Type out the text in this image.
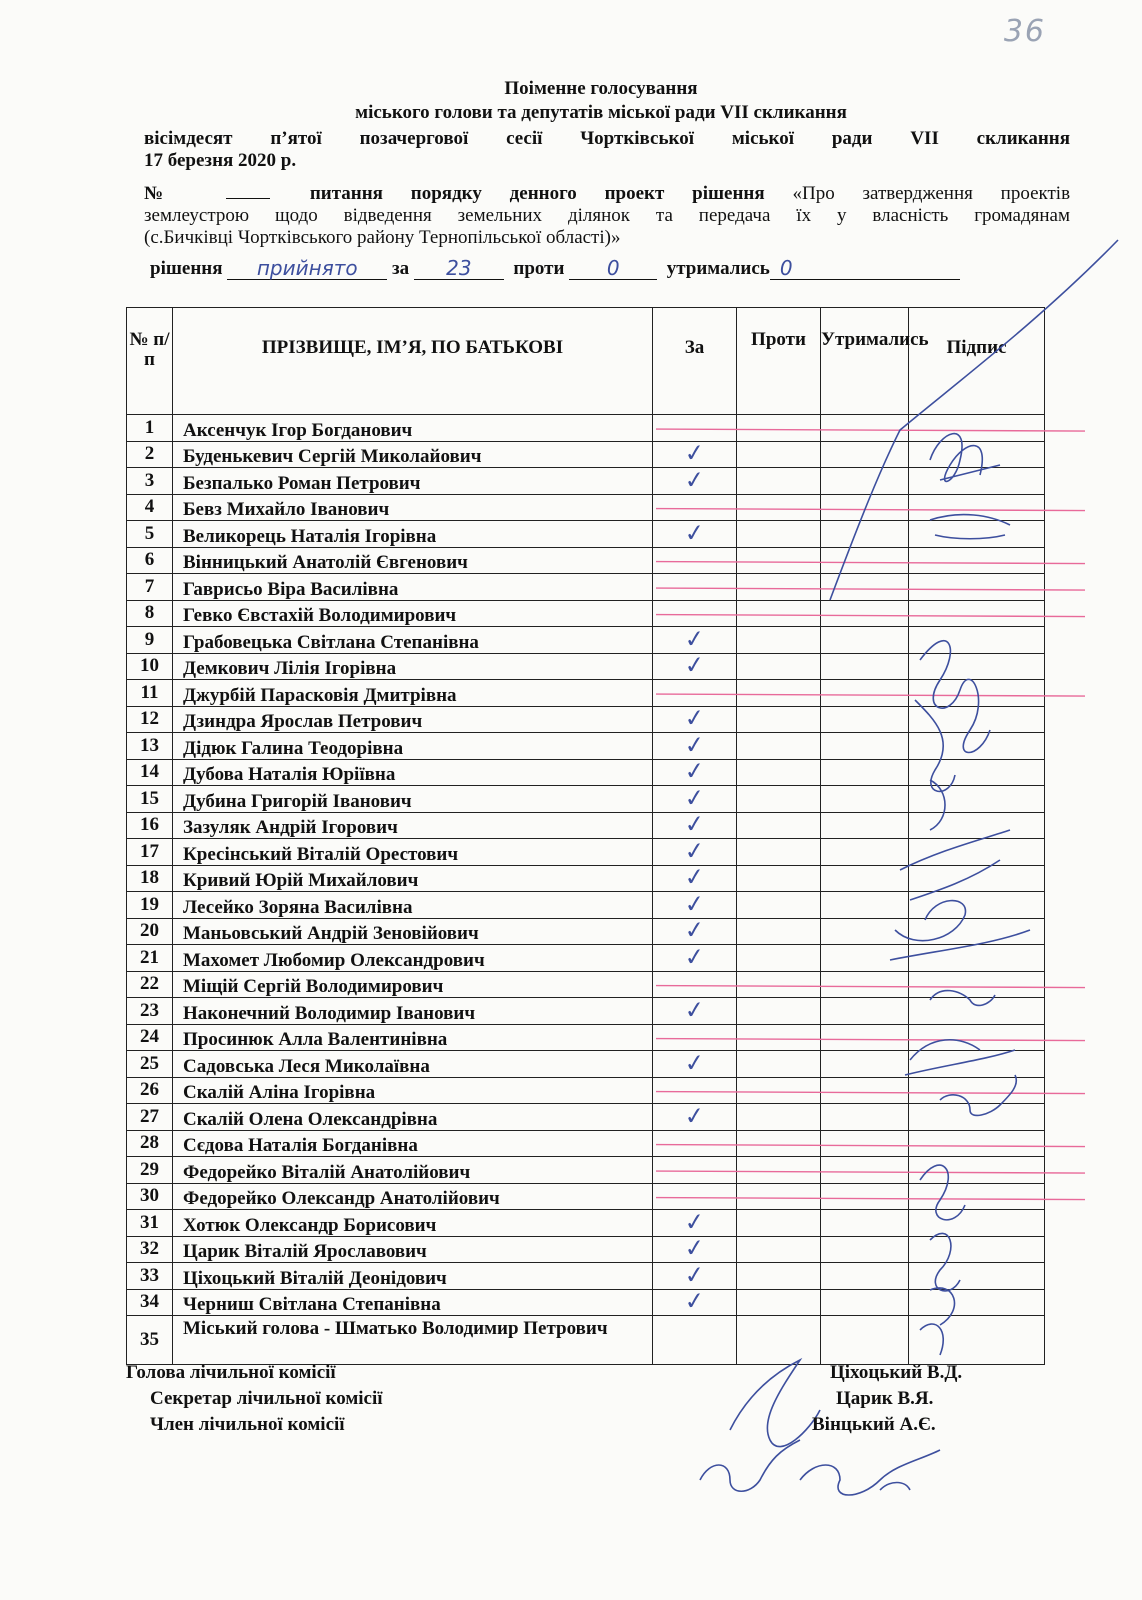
36
Поіменне голосування
міського голови та депутатів міської ради VII скликання
вісімдесят п’ятої позачергової сесії Чортківської міської ради VII скликання
17 березня 2020 р.
№	питання порядку денного проект рішення «Про затвердження проектів
землеустрою щодо відведення земельних ділянок та передача їх у власність громадянам
(с.Бичківці Чортківського району Тернопільської області)»
рішення	прийнято	за	23	проти	0	утримались 0
№ п/п	ПРІЗВИЩЕ, ІМ’Я, ПО БАТЬКОВІ	За	Проти	Утримались	Підпис
1	Аксенчук Ігор Богданович	

2	Буденькевич Сергій Миколайович	✓			

3	Безпалько Роман Петрович	✓			

4	Бевз Михайло Іванович	

5	Великорець Наталія Ігорівна	✓			

6	Вінницький Анатолій Євгенович	

7	Гаврисьо Віра Василівна	

8	Гевко Євстахій Володимирович	

9	Грабовецька Світлана Степанівна	✓			

10	Демкович Лілія Ігорівна	✓			

11	Джурбій Парасковія Дмитрівна	

12	Дзиндра Ярослав Петрович	✓			

13	Дідюк Галина Теодорівна	✓			

14	Дубова Наталія Юріївна	✓			

15	Дубина Григорій Іванович	✓			

16	Зазуляк Андрій Ігорович	✓			

17	Кресінський Віталій Орестович	✓			

18	Кривий Юрій Михайлович	✓			

19	Лесейко Зоряна Василівна	✓			

20	Маньовський Андрій Зеновійович	✓			

21	Махомет Любомир Олександрович	✓			

22	Міщій Сергій Володимирович	

23	Наконечний Володимир Іванович	✓			

24	Просинюк Алла Валентинівна	

25	Садовська Леся Миколаївна	✓			

26	Скалій Аліна Ігорівна	

27	Скалій Олена Олександрівна	✓			

28	Сєдова Наталія Богданівна	

29	Федорейко Віталій Анатолійович	

30	Федорейко Олександр Анатолійович	

31	Хотюк Олександр Борисович	✓			

32	Царик Віталій Ярославович	✓			

33	Ціхоцький Віталій Деонідович	✓			

34	Черниш Світлана Степанівна	✓			

35	Міський голова - Шматько Володимир Петрович	

Голова лічильної комісії
Секретар лічильної комісії
Член лічильної комісії
Ціхоцький В.Д.
Царик В.Я.
Вінцький А.Є.
